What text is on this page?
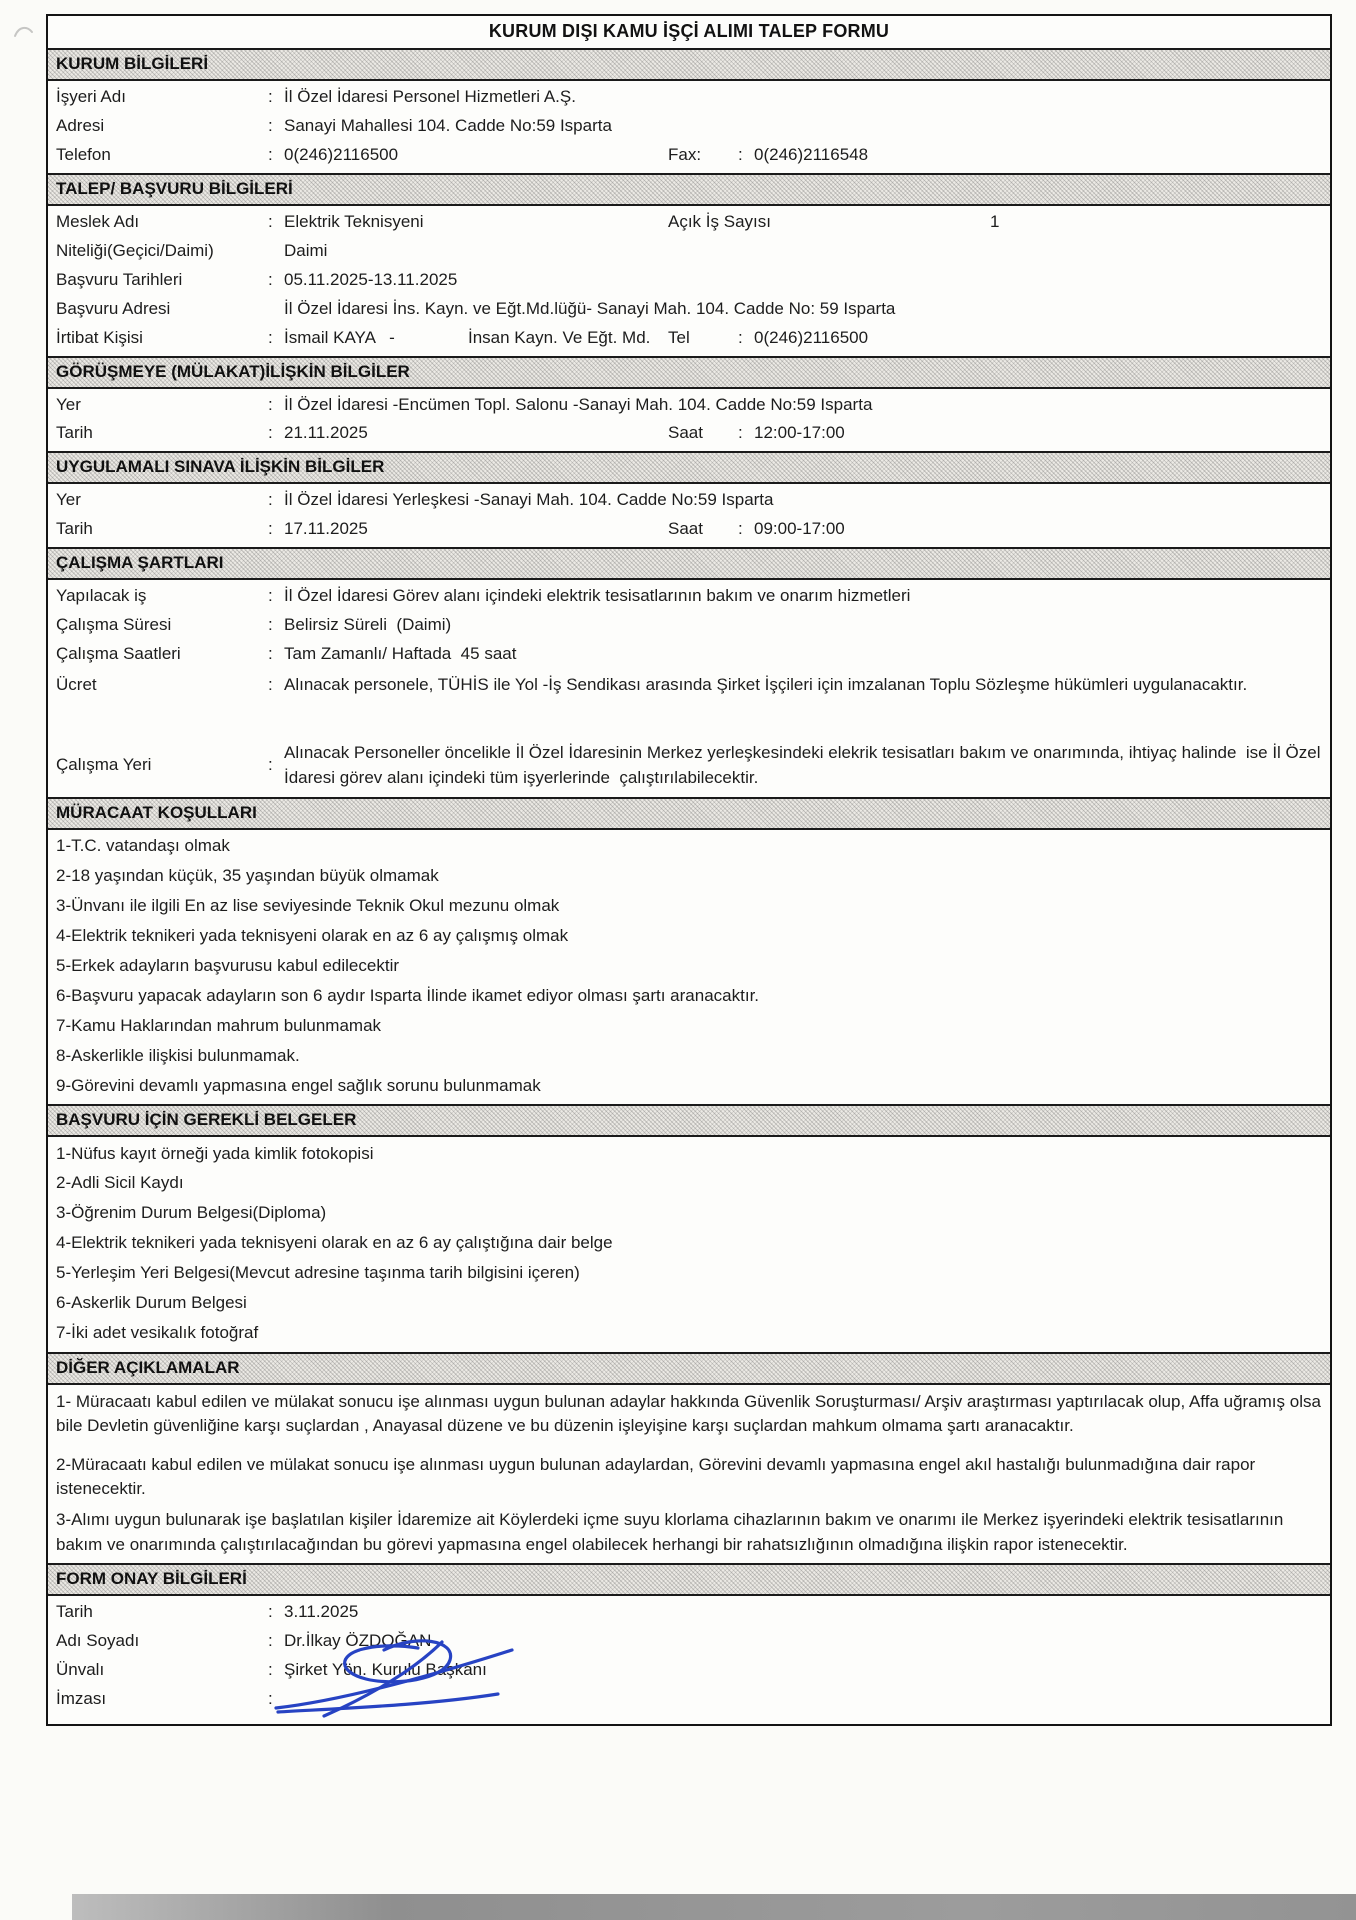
KURUM DIŞI KAMU İŞÇİ ALIMI TALEP FORMU
KURUM BİLGİLERİ
İşyeri Adı	: İl Özel İdaresi Personel Hizmetleri A.Ş.
Adresi	: Sanayi Mahallesi 104. Cadde No:59 Isparta
Telefon	: 0(246)2116500	Fax:	: 0(246)2116548
TALEP/ BAŞVURU BİLGİLERİ
Meslek Adı	: Elektrik Teknisyeni	Açık İş Sayısı	1
Niteliği(Geçici/Daimi)	Daimi
Başvuru Tarihleri	: 05.11.2025-13.11.2025
Başvuru Adresi	İl Özel İdaresi İns. Kayn. ve Eğt.Md.lüğü- Sanayi Mah. 104. Cadde No: 59 Isparta
İrtibat Kişisi	: İsmail KAYA   -	İnsan Kayn. Ve Eğt. Md.	Tel	: 0(246)2116500
GÖRÜŞMEYE (MÜLAKAT)İLİŞKİN BİLGİLER
Yer	: İl Özel İdaresi -Encümen Topl. Salonu -Sanayi Mah. 104. Cadde No:59 Isparta
Tarih	: 21.11.2025	Saat	: 12:00-17:00
UYGULAMALI SINAVA İLİŞKİN BİLGİLER
Yer	: İl Özel İdaresi Yerleşkesi -Sanayi Mah. 104. Cadde No:59 Isparta
Tarih	: 17.11.2025	Saat	: 09:00-17:00
ÇALIŞMA ŞARTLARI
Yapılacak iş	: İl Özel İdaresi Görev alanı içindeki elektrik tesisatlarının bakım ve onarım hizmetleri
Çalışma Süresi	: Belirsiz Süreli  (Daimi)
Çalışma Saatleri	: Tam Zamanlı/ Haftada  45 saat
Ücret	: Alınacak personele, TÜHİS ile Yol -İş Sendikası arasında Şirket İşçileri için imzalanan Toplu Sözleşme hükümleri uygulanacaktır.
Çalışma Yeri	:
Alınacak Personeller öncelikle İl Özel İdaresinin Merkez yerleşkesindeki elekrik tesisatları bakım ve onarımında, ihtiyaç halinde  ise İl Özel İdaresi görev alanı içindeki tüm işyerlerinde  çalıştırılabilecektir.
MÜRACAAT KOŞULLARI
1-T.C. vatandaşı olmak
2-18 yaşından küçük, 35 yaşından büyük olmamak
3-Ünvanı ile ilgili En az lise seviyesinde Teknik Okul mezunu olmak
4-Elektrik teknikeri yada teknisyeni olarak en az 6 ay çalışmış olmak
5-Erkek adayların başvurusu kabul edilecektir
6-Başvuru yapacak adayların son 6 aydır Isparta İlinde ikamet ediyor olması şartı aranacaktır.
7-Kamu Haklarından mahrum bulunmamak
8-Askerlikle ilişkisi bulunmamak.
9-Görevini devamlı yapmasına engel sağlık sorunu bulunmamak
BAŞVURU İÇİN GEREKLİ BELGELER
1-Nüfus kayıt örneği yada kimlik fotokopisi
2-Adli Sicil Kaydı
3-Öğrenim Durum Belgesi(Diploma)
4-Elektrik teknikeri yada teknisyeni olarak en az 6 ay çalıştığına dair belge
5-Yerleşim Yeri Belgesi(Mevcut adresine taşınma tarih bilgisini içeren)
6-Askerlik Durum Belgesi
7-İki adet vesikalık fotoğraf
DİĞER AÇIKLAMALAR
1- Müracaatı kabul edilen ve mülakat sonucu işe alınması uygun bulunan adaylar hakkında Güvenlik Soruşturması/ Arşiv araştırması yaptırılacak olup, Affa uğramış olsa bile Devletin güvenliğine karşı suçlardan , Anayasal düzene ve bu düzenin işleyişine karşı suçlardan mahkum olmama şartı aranacaktır.
2-Müracaatı kabul edilen ve mülakat sonucu işe alınması uygun bulunan adaylardan, Görevini devamlı yapmasına engel akıl hastalığı bulunmadığına dair rapor istenecektir.
3-Alımı uygun bulunarak işe başlatılan kişiler İdaremize ait Köylerdeki içme suyu klorlama cihazlarının bakım ve onarımı ile Merkez işyerindeki elektrik tesisatlarının bakım ve onarımında çalıştırılacağından bu görevi yapmasına engel olabilecek herhangi bir rahatsızlığının olmadığına ilişkin rapor istenecektir.
FORM ONAY BİLGİLERİ
Tarih	: 3.11.2025
Adı Soyadı	: Dr.İlkay ÖZDOĞAN
Ünvalı	: Şirket Yön. Kurulu Başkanı
İmzası	:
